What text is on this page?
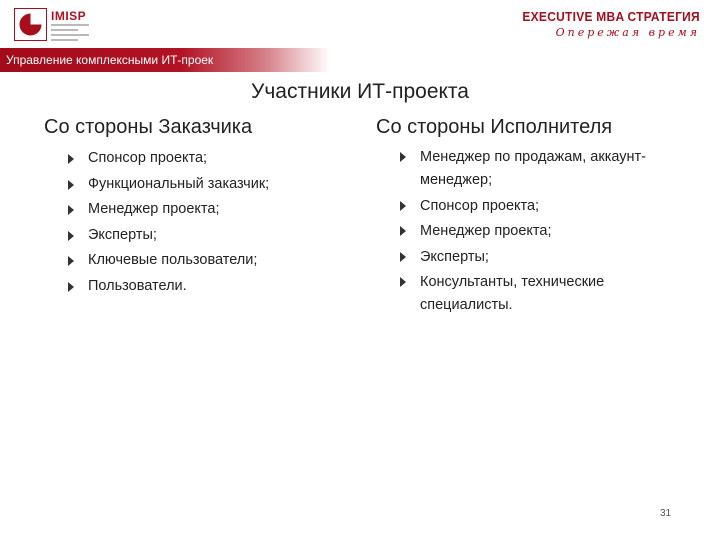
IMISP	EXECUTIVE MBA СТРАТЕГИЯ
Опережая время
Управление комплексными ИТ-проек
Участники ИТ-проекта
Со стороны Заказчика	Со стороны Исполнителя
Спонсор проекта;
Функциональный заказчик;
Менеджер проекта;
Эксперты;
Ключевые пользователи;
Пользователи.
Менеджер по продажам, аккаунт-менеджер;
Спонсор проекта;
Менеджер проекта;
Эксперты;
Консультанты, технические специалисты.
31
